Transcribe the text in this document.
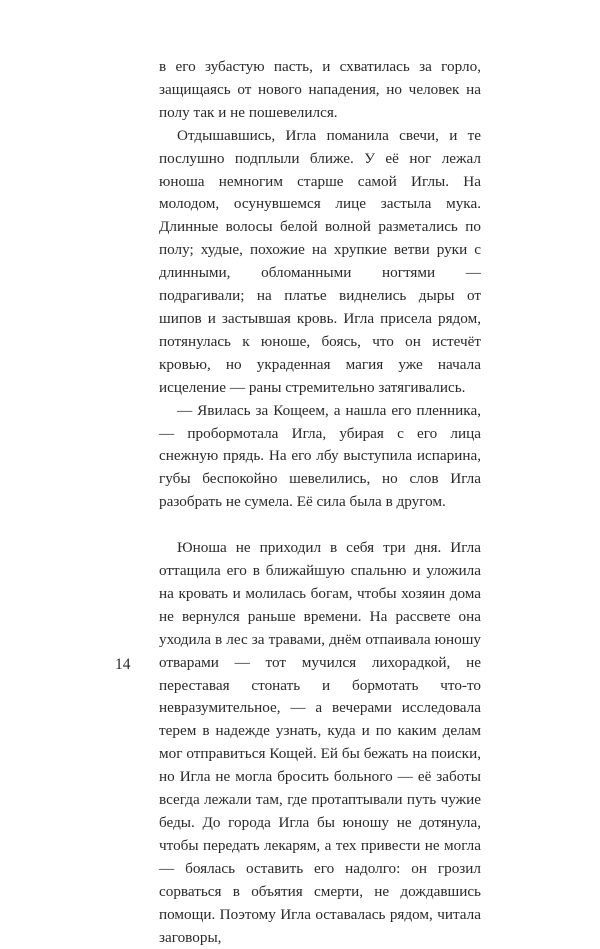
в его зубастую пасть, и схватилась за горло, защищаясь от нового нападения, но человек на полу так и не пошевелился.

Отдышавшись, Игла поманила свечи, и те послушно подплыли ближе. У её ног лежал юноша немногим старше самой Иглы. На молодом, осунувшемся лице застыла мука. Длинные волосы белой волной разметались по полу; худые, похожие на хрупкие ветви руки с длинными, обломанными ногтями — подрагивали; на платье виднелись дыры от шипов и застывшая кровь. Игла присела рядом, потянулась к юноше, боясь, что он истечёт кровью, но украденная магия уже начала исцеление — раны стремительно затягивались.

— Явилась за Кощеем, а нашла его пленника, — пробормотала Игла, убирая с его лица снежную прядь. На его лбу выступила испарина, губы беспокойно шевелились, но слов Игла разобрать не сумела. Её сила была в другом.

Юноша не приходил в себя три дня. Игла оттащила его в ближайшую спальню и уложила на кровать и молилась богам, чтобы хозяин дома не вернулся раньше времени. На рассвете она уходила в лес за травами, днём отпаивала юношу отварами — тот мучился лихорадкой, не переставая стонать и бормотать что-то невразумительное, — а вечерами исследовала терем в надежде узнать, куда и по каким делам мог отправиться Кощей. Ей бы бежать на поиски, но Игла не могла бросить больного — её заботы всегда лежали там, где протаптывали путь чужие беды. До города Игла бы юношу не дотянула, чтобы передать лекарям, а тех привести не могла — боялась оставить его надолго: он грозил сорваться в объятия смерти, не дождавшись помощи. Поэтому Игла оставалась рядом, читала заговоры,

14
